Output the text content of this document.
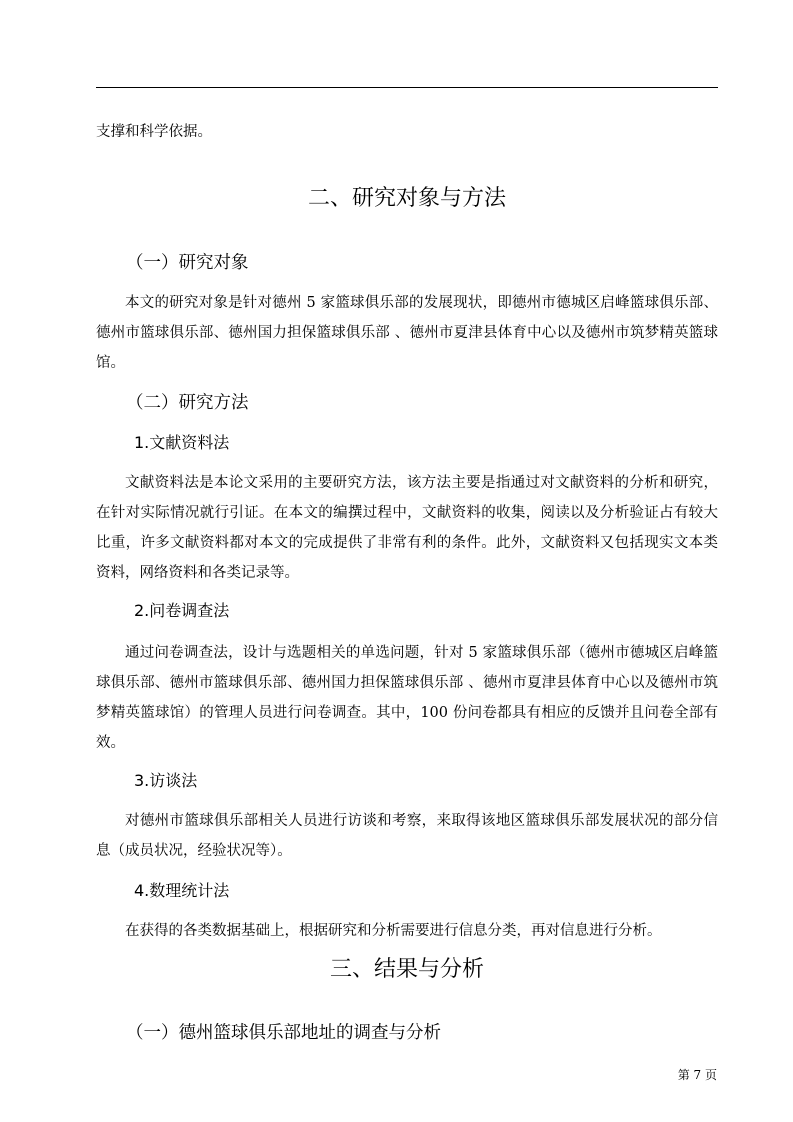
支撑和科学依据。

二、研究对象与方法
（一）研究对象

本文的研究对象是针对德州 5 家篮球俱乐部的发展现状，即德州市德城区启峰篮球俱乐部、德州市篮球俱乐部、德州国力担保篮球俱乐部 、德州市夏津县体育中心以及德州市筑梦精英篮球馆。

（二）研究方法
1.文献资料法

文献资料法是本论文采用的主要研究方法，该方法主要是指通过对文献资料的分析和研究，在针对实际情况就行引证。在本文的编撰过程中，文献资料的收集，阅读以及分析验证占有较大比重，许多文献资料都对本文的完成提供了非常有利的条件。此外，文献资料又包括现实文本类资料，网络资料和各类记录等。

2.问卷调查法

通过问卷调查法，设计与选题相关的单选问题，针对 5 家篮球俱乐部（德州市德城区启峰篮球俱乐部、德州市篮球俱乐部、德州国力担保篮球俱乐部 、德州市夏津县体育中心以及德州市筑梦精英篮球馆）的管理人员进行问卷调查。其中，100 份问卷都具有相应的反馈并且问卷全部有效。

3.访谈法

对德州市篮球俱乐部相关人员进行访谈和考察，来取得该地区篮球俱乐部发展状况的部分信息（成员状况，经验状况等）。

4.数理统计法

在获得的各类数据基础上，根据研究和分析需要进行信息分类，再对信息进行分析。

三、结果与分析
（一）德州篮球俱乐部地址的调查与分析
第 7 页
